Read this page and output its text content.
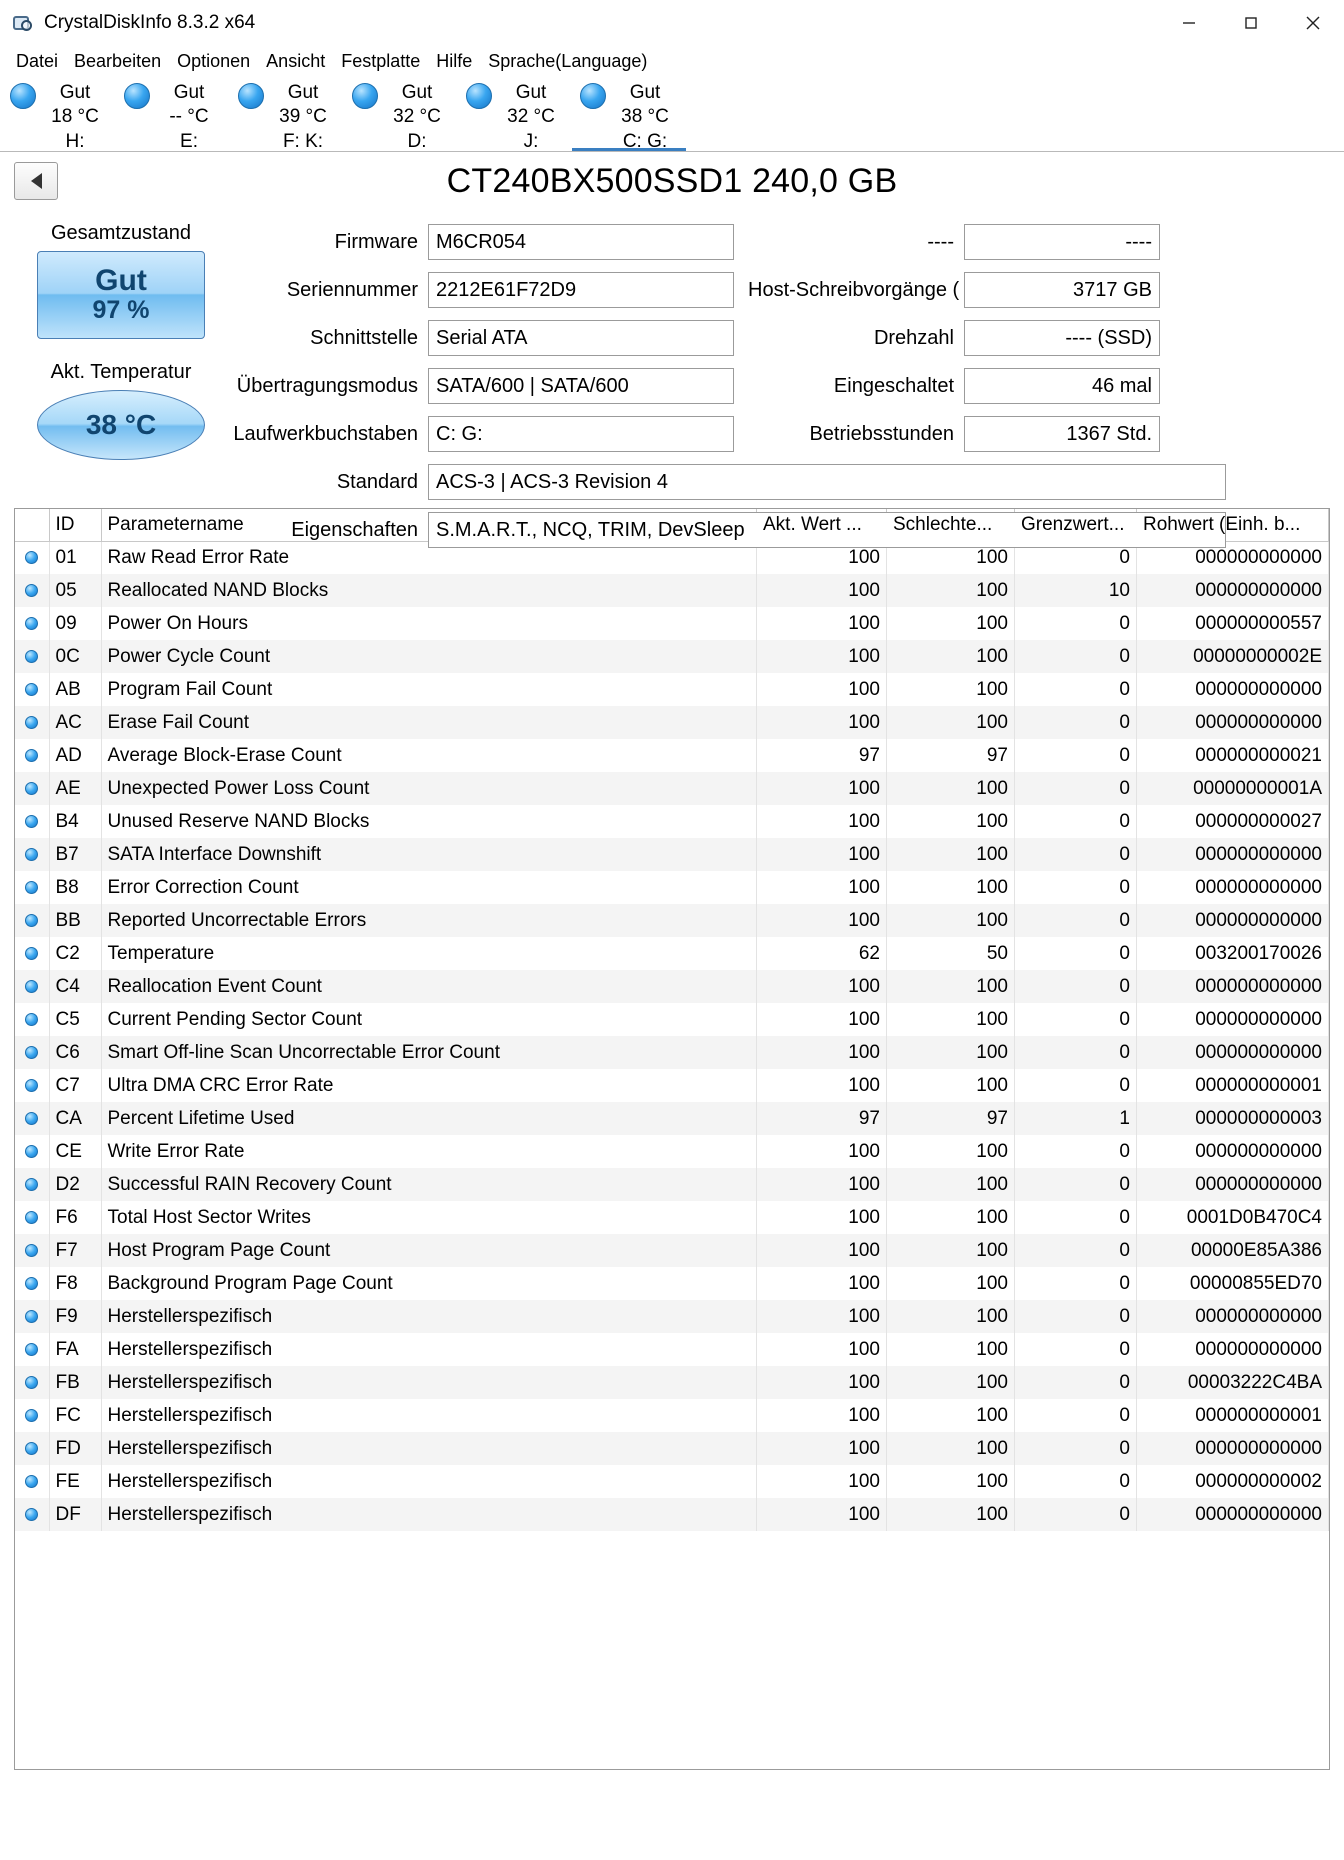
CrystalDiskInfo 8.3.2 x64
Datei Bearbeiten Optionen Ansicht Festplatte Hilfe Sprache(Language)
Gut
18 °C
H:
Gut
-- °C
E:
Gut
39 °C
F: K:
Gut
32 °C
D:
Gut
32 °C
J:
Gut
38 °C
C: G:
CT240BX500SSD1 240,0 GB
Gesamtzustand
Gut
97 %
Akt. Temperatur
38 °C
Firmware M6CR054	----	----
Seriennummer 2212E61F72D9	Host-Schreibvorgänge (	3717 GB
Schnittstelle Serial ATA	Drehzahl	---- (SSD)
Übertragungsmodus SATA/600 | SATA/600	Eingeschaltet	46 mal
Laufwerkbuchstaben C: G:	Betriebsstunden	1367 Std.
Standard ACS-3 | ACS-3 Revision 4
Eigenschaften S.M.A.R.T., NCQ, TRIM, DevSleep
	ID	Parametername	Akt. Wert ...	Schlechte...	Grenzwert...	Rohwert (Einh. b...
	01	Raw Read Error Rate	100	100	0	000000000000
	05	Reallocated NAND Blocks	100	100	10	000000000000
	09	Power On Hours	100	100	0	000000000557
	0C	Power Cycle Count	100	100	0	00000000002E
	AB	Program Fail Count	100	100	0	000000000000
	AC	Erase Fail Count	100	100	0	000000000000
	AD	Average Block-Erase Count	97	97	0	000000000021
	AE	Unexpected Power Loss Count	100	100	0	00000000001A
	B4	Unused Reserve NAND Blocks	100	100	0	000000000027
	B7	SATA Interface Downshift	100	100	0	000000000000
	B8	Error Correction Count	100	100	0	000000000000
	BB	Reported Uncorrectable Errors	100	100	0	000000000000
	C2	Temperature	62	50	0	003200170026
	C4	Reallocation Event Count	100	100	0	000000000000
	C5	Current Pending Sector Count	100	100	0	000000000000
	C6	Smart Off-line Scan Uncorrectable Error Count	100	100	0	000000000000
	C7	Ultra DMA CRC Error Rate	100	100	0	000000000001
	CA	Percent Lifetime Used	97	97	1	000000000003
	CE	Write Error Rate	100	100	0	000000000000
	D2	Successful RAIN Recovery Count	100	100	0	000000000000
	F6	Total Host Sector Writes	100	100	0	0001D0B470C4
	F7	Host Program Page Count	100	100	0	00000E85A386
	F8	Background Program Page Count	100	100	0	00000855ED70
	F9	Herstellerspezifisch	100	100	0	000000000000
	FA	Herstellerspezifisch	100	100	0	000000000000
	FB	Herstellerspezifisch	100	100	0	00003222C4BA
	FC	Herstellerspezifisch	100	100	0	000000000001
	FD	Herstellerspezifisch	100	100	0	000000000000
	FE	Herstellerspezifisch	100	100	0	000000000002
	DF	Herstellerspezifisch	100	100	0	000000000000
